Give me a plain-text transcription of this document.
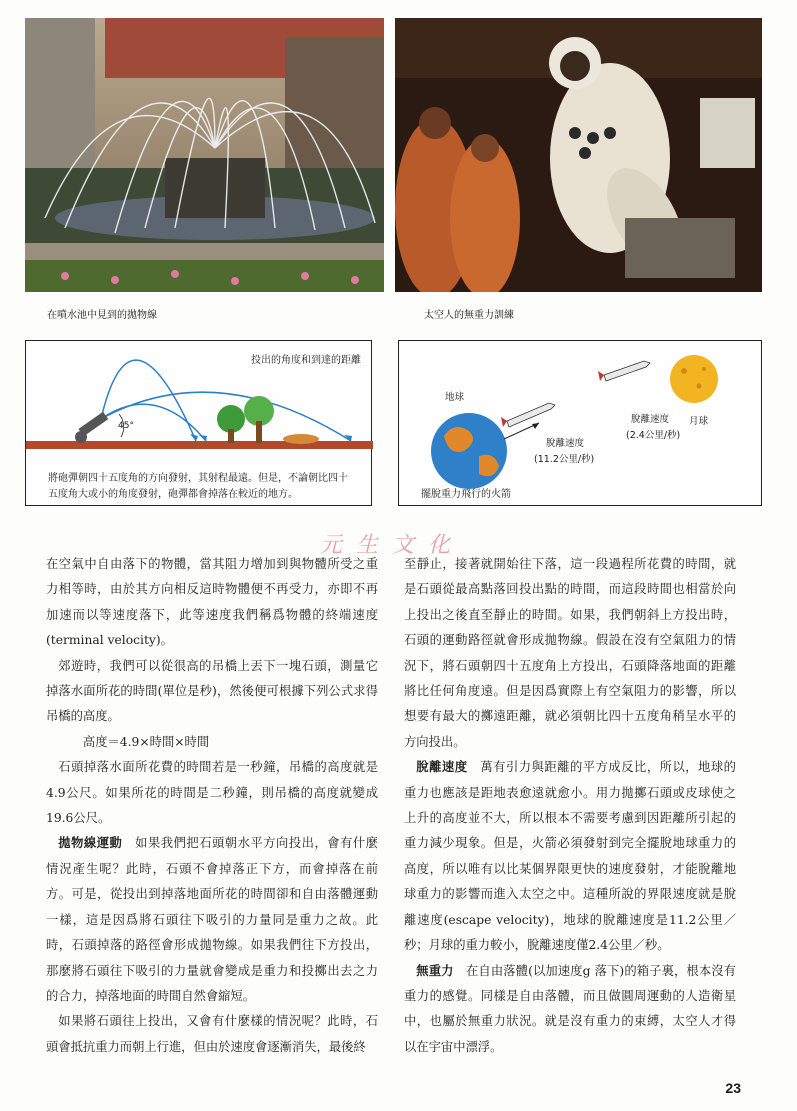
在噴水池中見到的拋物線	太空人的無重力訓練
投出的角度和到達的距離
45°
將砲彈朝四十五度角的方向發射，其射程最遠。但是，不論朝比四十
五度角大或小的角度發射，砲彈都會掉落在較近的地方。
地球
月球
脫離速度
(11.2公里/秒)
脫離速度
(2.4公里/秒)
擺脫重力飛行的火箭
元生文化

在空氣中自由落下的物體，當其阻力增加到與物體所受之重力相等時，由於其方向相反這時物體便不再受力，亦即不再加速而以等速度落下，此等速度我們稱爲物體的終端速度(terminal velocity)。

郊遊時，我們可以從很高的吊橋上丟下一塊石頭，測量它掉落水面所花的時間(單位是秒)，然後便可根據下列公式求得吊橋的高度。

高度＝4.9×時間×時間

石頭掉落水面所花費的時間若是一秒鐘，吊橋的高度就是4.9公尺。如果所花的時間是二秒鐘，則吊橋的高度就變成19.6公尺。

拋物線運動　 如果我們把石頭朝水平方向投出，會有什麼情況產生呢？此時，石頭不會掉落正下方，而會掉落在前方。可是，從投出到掉落地面所花的時間卻和自由落體運動一樣，這是因爲將石頭往下吸引的力量同是重力之故。此時，石頭掉落的路徑會形成拋物線。如果我們往下方投出，那麼將石頭往下吸引的力量就會變成是重力和投擲出去之力的合力，掉落地面的時間自然會縮短。

如果將石頭往上投出，又會有什麼樣的情況呢？此時，石頭會抵抗重力而朝上行進，但由於速度會逐漸消失，最後終

至靜止，接著就開始往下落，這一段過程所花費的時間，就是石頭從最高點落回投出點的時間，而這段時間也相當於向上投出之後直至靜止的時間。如果，我們朝斜上方投出時，石頭的運動路徑就會形成拋物線。假設在沒有空氣阻力的情況下，將石頭朝四十五度角上方投出，石頭降落地面的距離將比任何角度遠。但是因爲實際上有空氣阻力的影響，所以想要有最大的擲遠距離，就必須朝比四十五度角稍呈水平的方向投出。

脫離速度　 萬有引力與距離的平方成反比，所以，地球的重力也應該是距地表愈遠就愈小。用力拋擲石頭或皮球使之上升的高度並不大，所以根本不需要考慮到因距離所引起的重力減少現象。但是，火箭必須發射到完全擺脫地球重力的高度，所以唯有以比某個界限更快的速度發射，才能脫離地球重力的影響而進入太空之中。這種所說的界限速度就是脫離速度(escape velocity)，地球的脫離速度是11.2公里／秒；月球的重力較小，脫離速度僅2.4公里／秒。

無重力　 在自由落體(以加速度g 落下)的箱子裏，根本沒有重力的感覺。同樣是自由落體，而且做圓周運動的人造衛星中，也屬於無重力狀況。就是沒有重力的束縛，太空人才得以在宇宙中漂浮。

23
